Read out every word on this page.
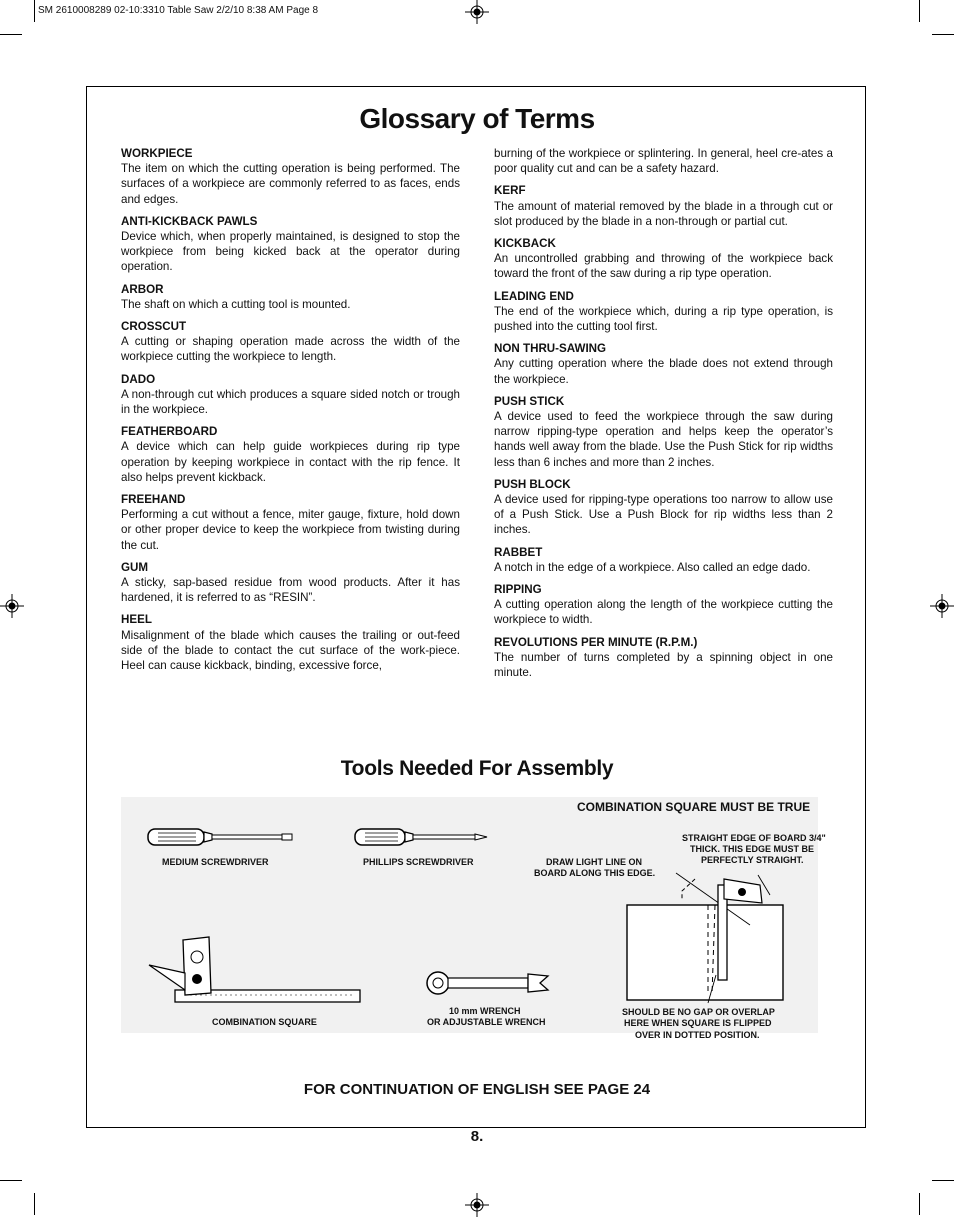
SM 2610008289 02-10:3310 Table Saw 2/2/10 8:38 AM Page 8
Glossary of Terms

WORKPIECE

The item on which the cutting operation is being performed. The surfaces of a workpiece are commonly referred to as faces, ends and edges.

ANTI-KICKBACK PAWLS

Device which, when properly maintained, is designed to stop the workpiece from being kicked back at the operator during operation.

ARBOR

The shaft on which a cutting tool is mounted.

CROSSCUT

A cutting or shaping operation made across the width of the workpiece cutting the workpiece to length.

DADO

A non-through cut which produces a square sided notch or trough in the workpiece.

FEATHERBOARD

A device which can help guide workpieces during rip type operation by keeping workpiece in contact with the rip fence. It also helps prevent kickback.

FREEHAND

Performing a cut without a fence, miter gauge, fixture, hold down or other proper device to keep the workpiece from twisting during the cut.

GUM

A sticky, sap-based residue from wood products. After it has hardened, it is referred to as “RESIN”.

HEEL

Misalignment of the blade which causes the trailing or out-feed side of the blade to contact the cut surface of the work-piece. Heel can cause kickback, binding, excessive force,

burning of the workpiece or splintering. In general, heel cre-ates a poor quality cut and can be a safety hazard.

KERF

The amount of material removed by the blade in a through cut or slot produced by the blade in a non-through or partial cut.

KICKBACK

An uncontrolled grabbing and throwing of the workpiece back toward the front of the saw during a rip type operation.

LEADING END

The end of the workpiece which, during a rip type operation, is pushed into the cutting tool first.

NON THRU-SAWING

Any cutting operation where the blade does not extend through the workpiece.

PUSH STICK

A device used to feed the workpiece through the saw during narrow ripping-type operation and helps keep the operator’s hands well away from the blade. Use the Push Stick for rip widths less than 6 inches and more than 2 inches.

PUSH BLOCK

A device used for ripping-type operations too narrow to allow use of a Push Stick. Use a Push Block for rip widths less than 2 inches.

RABBET

A notch in the edge of a workpiece. Also called an edge dado.

RIPPING

A cutting operation along the length of the workpiece cutting the workpiece to width.

REVOLUTIONS PER MINUTE (R.P.M.)

The number of turns completed by a spinning object in one minute.

Tools Needed For Assembly
MEDIUM SCREWDRIVER	PHILLIPS SCREWDRIVER
COMBINATION SQUARE
10 mm WRENCH
OR ADJUSTABLE WRENCH
COMBINATION SQUARE MUST BE TRUE
STRAIGHT EDGE OF BOARD 3/4"
THICK. THIS EDGE MUST BE
PERFECTLY STRAIGHT.
DRAW LIGHT LINE ON
BOARD ALONG THIS EDGE.
SHOULD BE NO GAP OR OVERLAP
HERE WHEN SQUARE IS FLIPPED
OVER IN DOTTED POSITION.
FOR CONTINUATION OF ENGLISH SEE PAGE 24
8.
